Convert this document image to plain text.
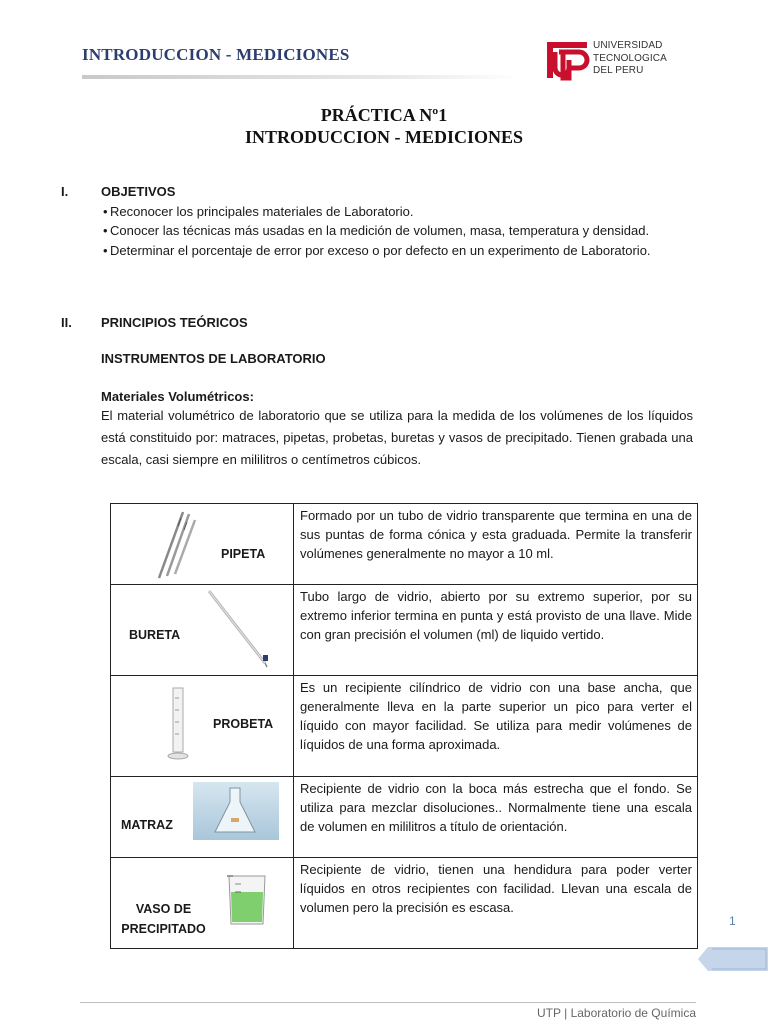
INTRODUCCION - MEDICIONES	UNIVERSIDAD
TECNOLOGICA
DEL PERU
PRÁCTICA Nº1
INTRODUCCION - MEDICIONES
I.	OBJETIVOS
• Reconocer los principales materiales de Laboratorio.
• Conocer las técnicas más usadas en la medición de volumen, masa, temperatura y densidad.
• Determinar el porcentaje de error por exceso o por defecto en un experimento de Laboratorio.
II. PRINCIPIOS TEÓRICOS
INSTRUMENTOS DE LABORATORIO
Materiales Volumétricos:
El material volumétrico de laboratorio que se utiliza para la medida de los volúmenes de los líquidos está constituido por: matraces, pipetas, probetas, buretas y vasos de precipitado. Tienen grabada una escala, casi siempre en mililitros o centímetros cúbicos.
PIPETA	Formado por un tubo de vidrio transparente que termina en una de sus puntas de forma cónica y esta graduada. Permite la transferir volúmenes generalmente no mayor a 10 ml.

BURETA	Tubo largo de vidrio, abierto por su extremo superior, por su extremo inferior termina en punta y está provisto de una llave. Mide con gran precisión el volumen (ml) de liquido vertido.

PROBETA	Es un recipiente cilíndrico de vidrio con una base ancha, que generalmente lleva en la parte superior un pico para verter el líquido con mayor facilidad. Se utiliza para medir volúmenes de líquidos de una forma aproximada.

MATRAZ	Recipiente de vidrio con la boca más estrecha que el fondo. Se utiliza para mezclar disoluciones.. Normalmente tiene una escala de volumen en mililitros a título de orientación.

VASO DE
PRECIPITADO	Recipiente de vidrio, tienen una hendidura para poder verter líquidos en otros recipientes con facilidad. Llevan una escala de volumen pero la precisión es escasa.
1
UTP | Laboratorio de Química
